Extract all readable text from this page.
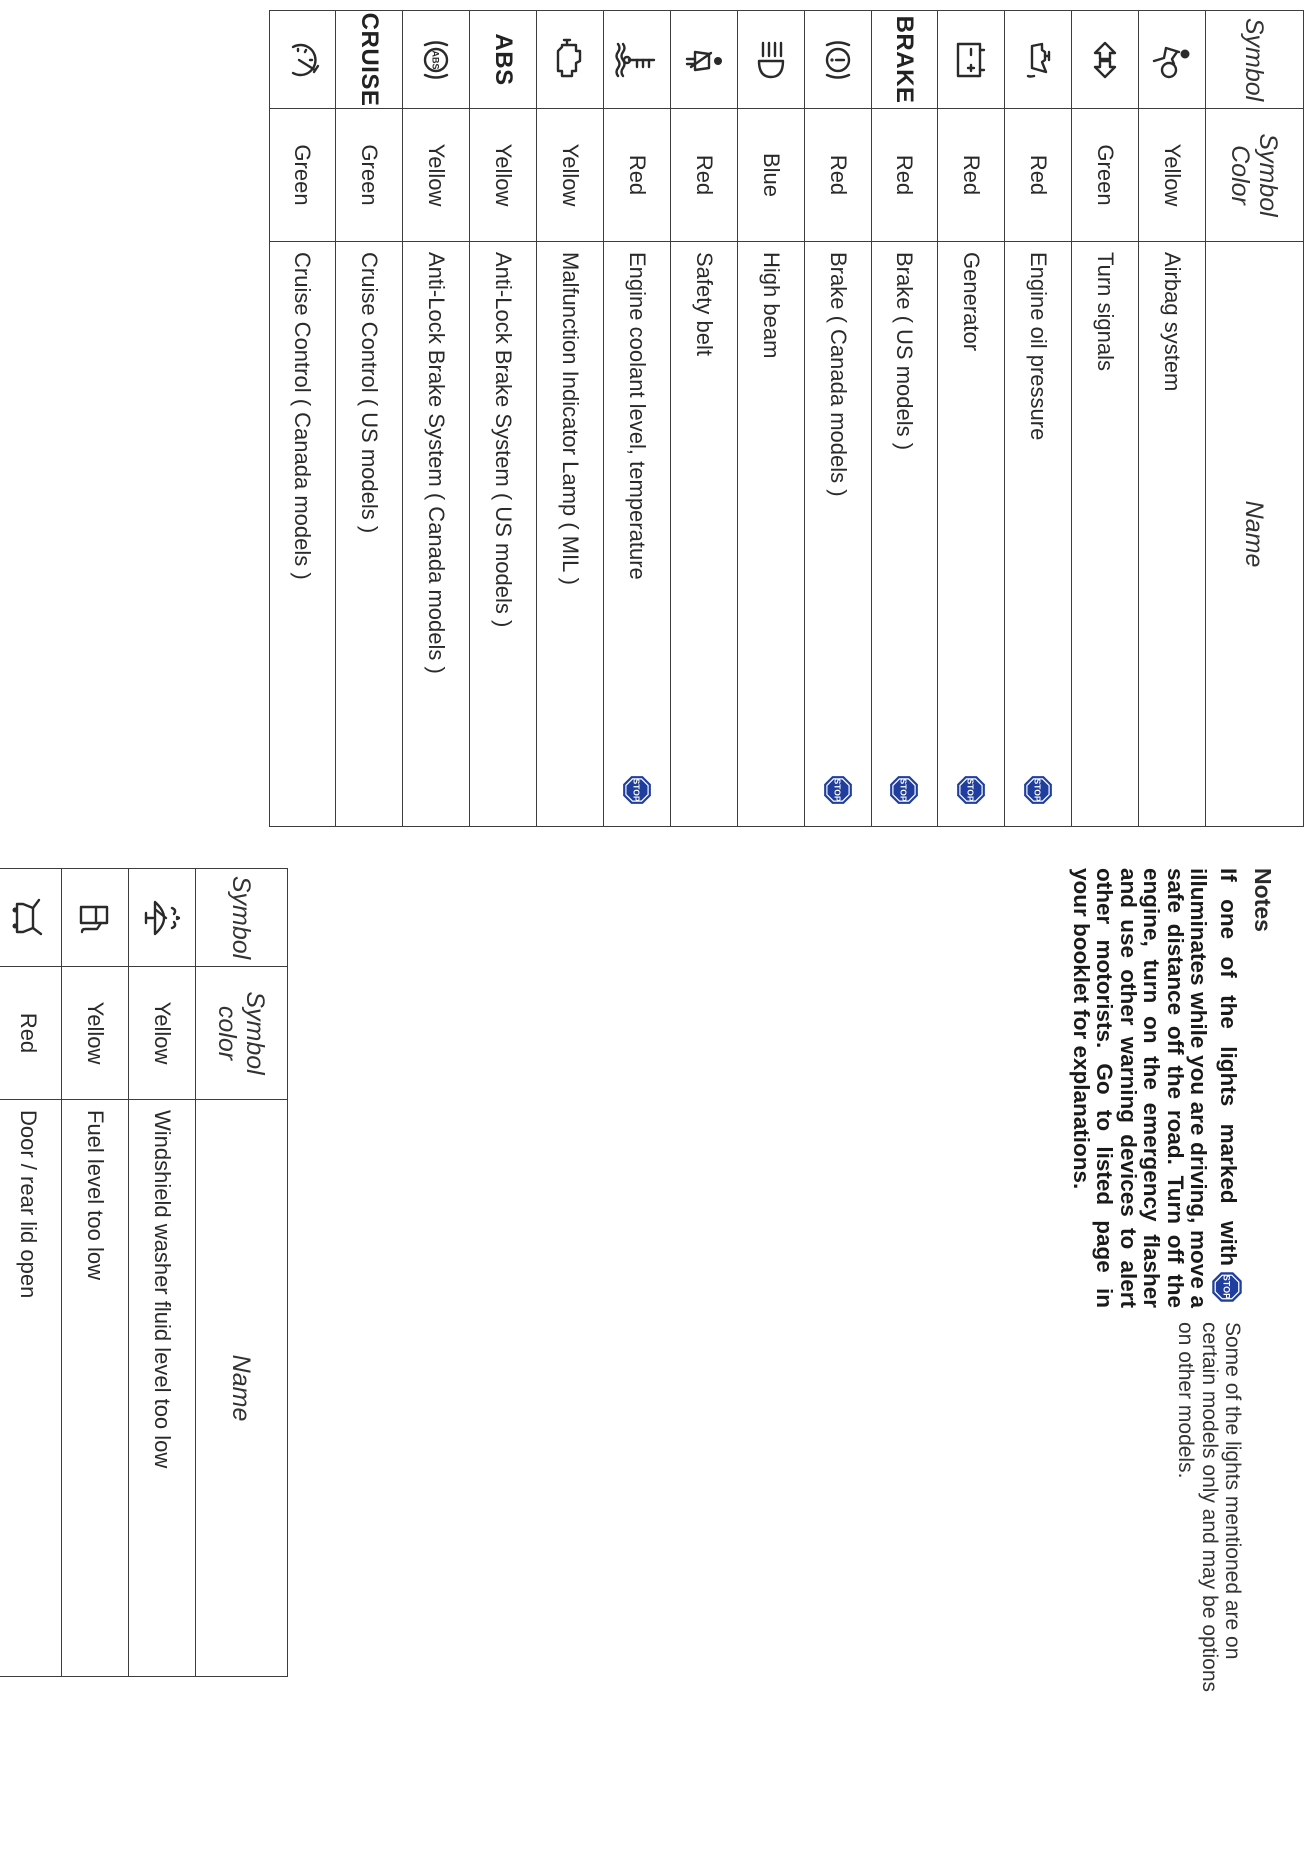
Symbol	Symbol
Color	Name

	Yellow	Airbag system

	Green	Turn signals

	Red	Engine oil pressure
STOP

	Red	Generator
STOP

BRAKE	Red	Brake ( US models )
STOP

	Red	Brake ( Canada models )
STOP

	Blue	High beam

	Red	Safety belt

	Red	Engine coolant level, temperature
STOP

	Yellow	Malfunction Indicator Lamp ( MIL )
ABS	Yellow	Anti-Lock Brake System ( US models )

ABS	Yellow	Anti-Lock Brake System ( Canada models )
CRUISE	Green	Cruise Control ( US models )

	Green	Cruise Control ( Canada models )
Symbol	Symbol
color	Name

	Yellow	Windshield washer fluid level too low

	Yellow	Fuel level too low

	Red	Door / rear lid open

Notes
If one of the lights marked with
STOP
illuminates while you are driving, move a safe distance off the road. Turn off the engine, turn on the emergency flasher and use other warning devices to alert other motorists. Go to listed page in your booklet for explanations.
Some of the lights mentioned are on certain models only and may be options on other models.
